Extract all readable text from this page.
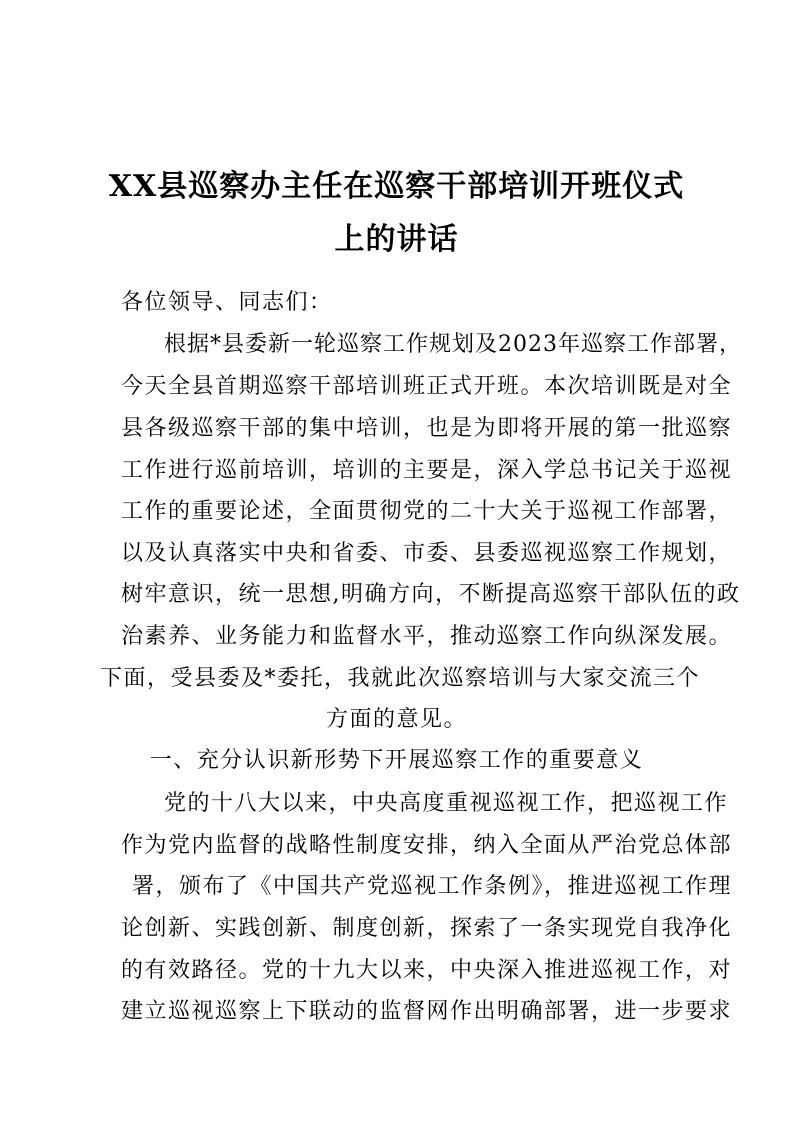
XX县巡察办主任在巡察干部培训开班仪式
上的讲话
各位领导、同志们：
根据*县委新一轮巡察工作规划及2023年巡察工作部署，
今天全县首期巡察干部培训班正式开班。本次培训既是对全
县各级巡察干部的集中培训，也是为即将开展的第一批巡察
工作进行巡前培训，培训的主要是，深入学总书记关于巡视
工作的重要论述，全面贯彻党的二十大关于巡视工作部署，
以及认真落实中央和省委、市委、县委巡视巡察工作规划，
树牢意识，统一思想,明确方向，不断提高巡察干部队伍的政
治素养、业务能力和监督水平，推动巡察工作向纵深发展。
下面，受县委及*委托，我就此次巡察培训与大家交流三个
方面的意见。
一、充分认识新形势下开展巡察工作的重要意义
党的十八大以来，中央高度重视巡视工作，把巡视工作
作为党内监督的战略性制度安排，纳入全面从严治党总体部
署，颁布了《中国共产党巡视工作条例》，推进巡视工作理
论创新、实践创新、制度创新，探索了一条实现党自我净化
的有效路径。党的十九大以来，中央深入推进巡视工作，对
建立巡视巡察上下联动的监督网作出明确部署，进一步要求
